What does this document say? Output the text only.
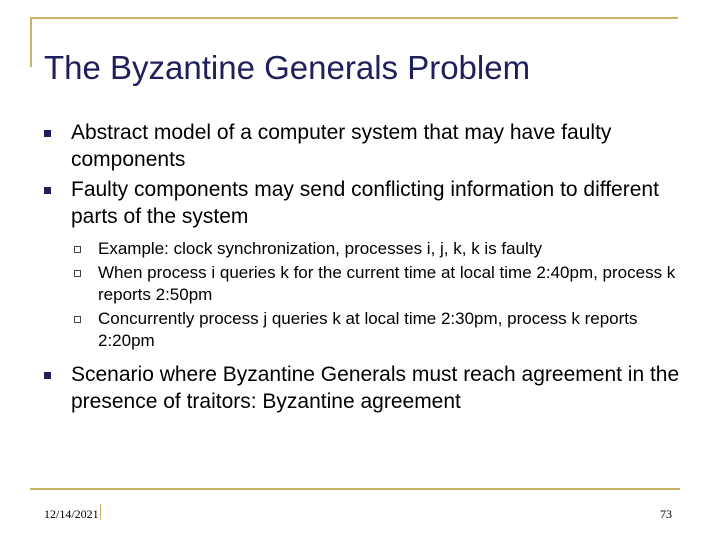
The Byzantine Generals Problem
Abstract model of a computer system that may have faulty components
Faulty components may send conflicting information to different parts of the system
Example: clock synchronization, processes i, j, k, k is faulty
When process i queries k for the current time at local time 2:40pm, process k reports 2:50pm
Concurrently process j queries k at local time 2:30pm, process k reports 2:20pm
Scenario where Byzantine Generals must reach agreement in the presence of traitors: Byzantine agreement
12/14/2021	73
